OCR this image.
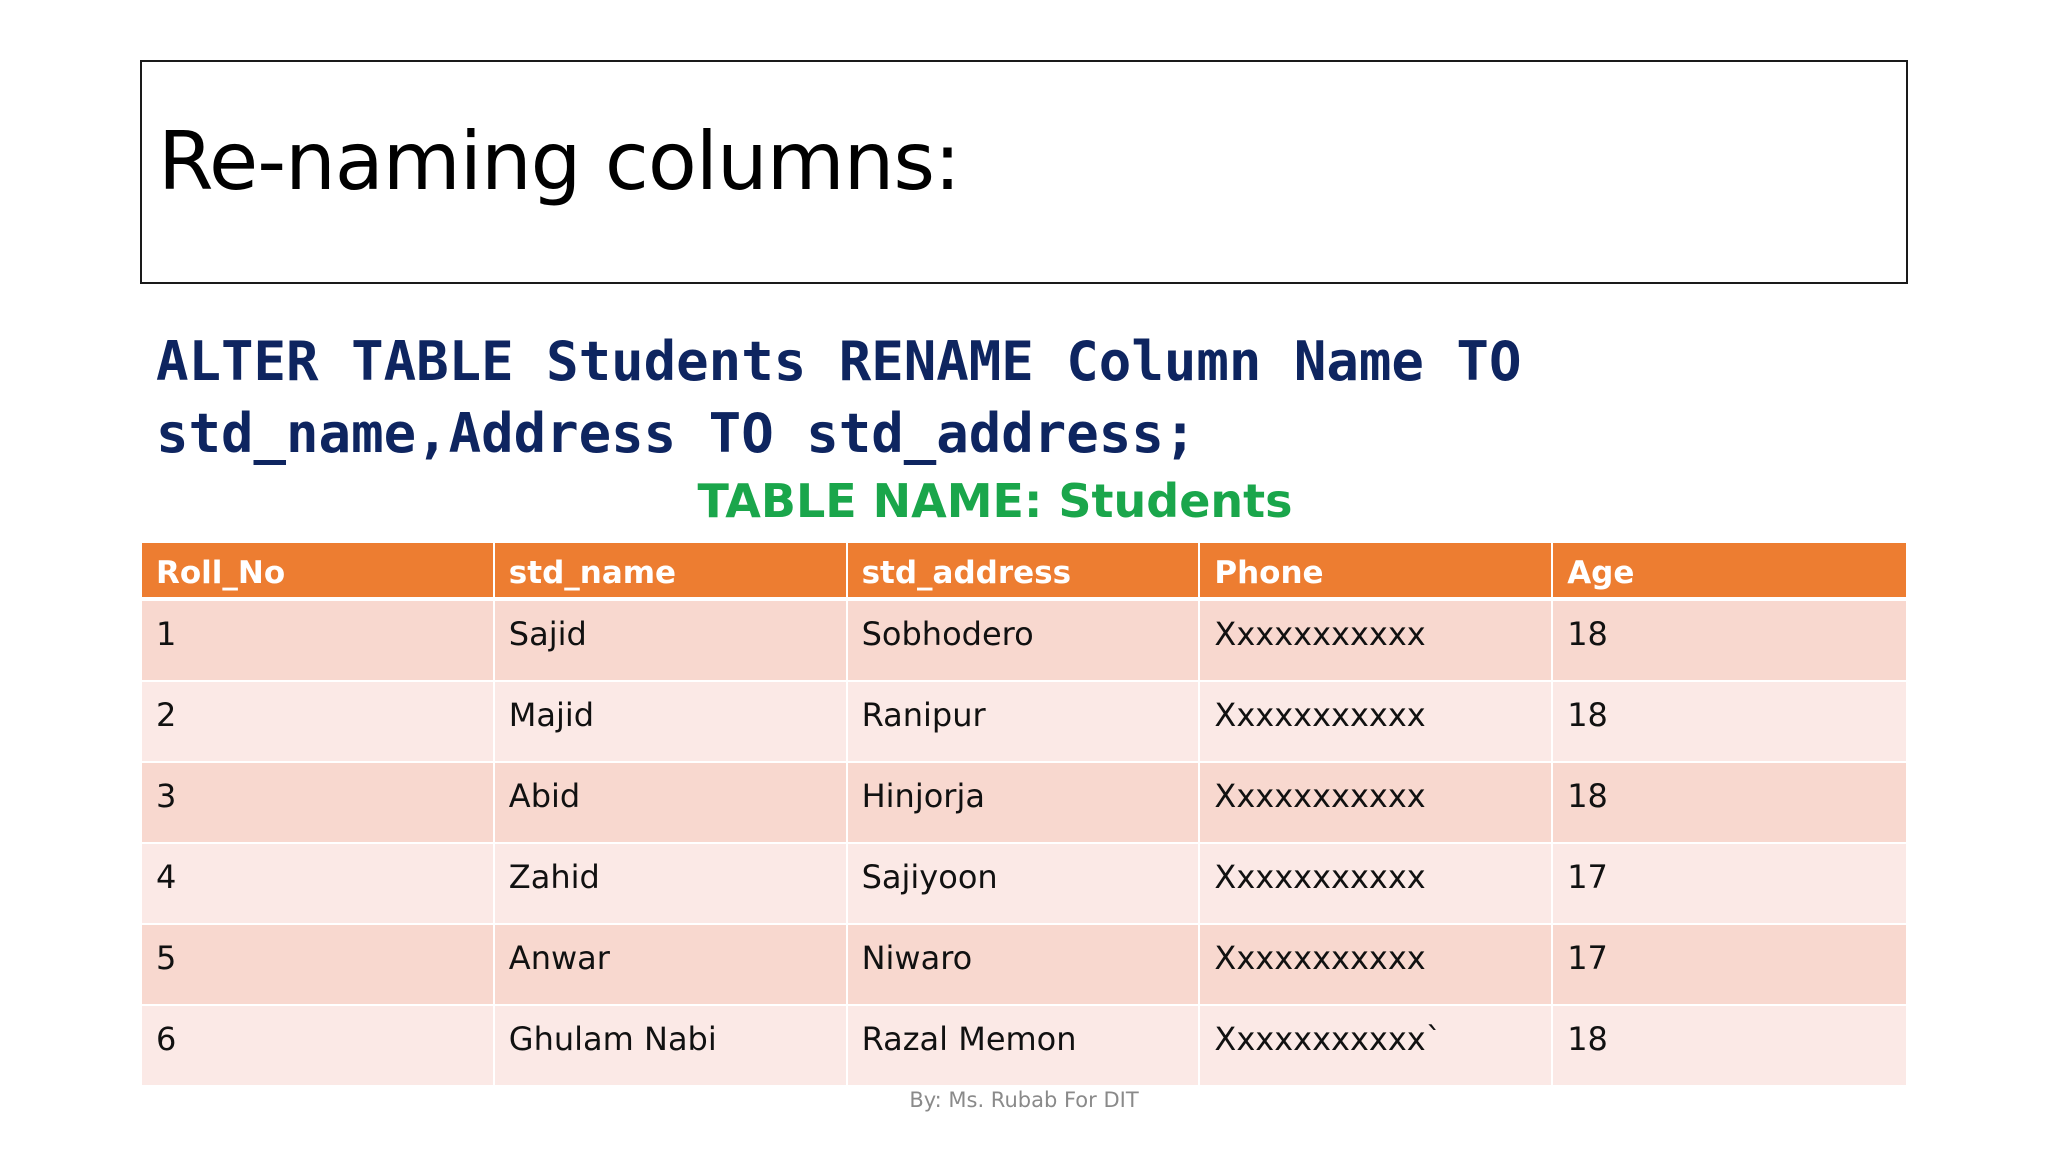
Re-naming columns:
ALTER TABLE Students RENAME Column Name TO
std_name,Address TO std_address;
TABLE NAME: Students
Roll_No	std_name	std_address	Phone	Age
1	Sajid	Sobhodero	Xxxxxxxxxxx	18
2	Majid	Ranipur	Xxxxxxxxxxx	18
3	Abid	Hinjorja	Xxxxxxxxxxx	18
4	Zahid	Sajiyoon	Xxxxxxxxxxx	17
5	Anwar	Niwaro	Xxxxxxxxxxx	17
6	Ghulam Nabi	Razal Memon	Xxxxxxxxxxx`	18
By: Ms. Rubab For DIT
